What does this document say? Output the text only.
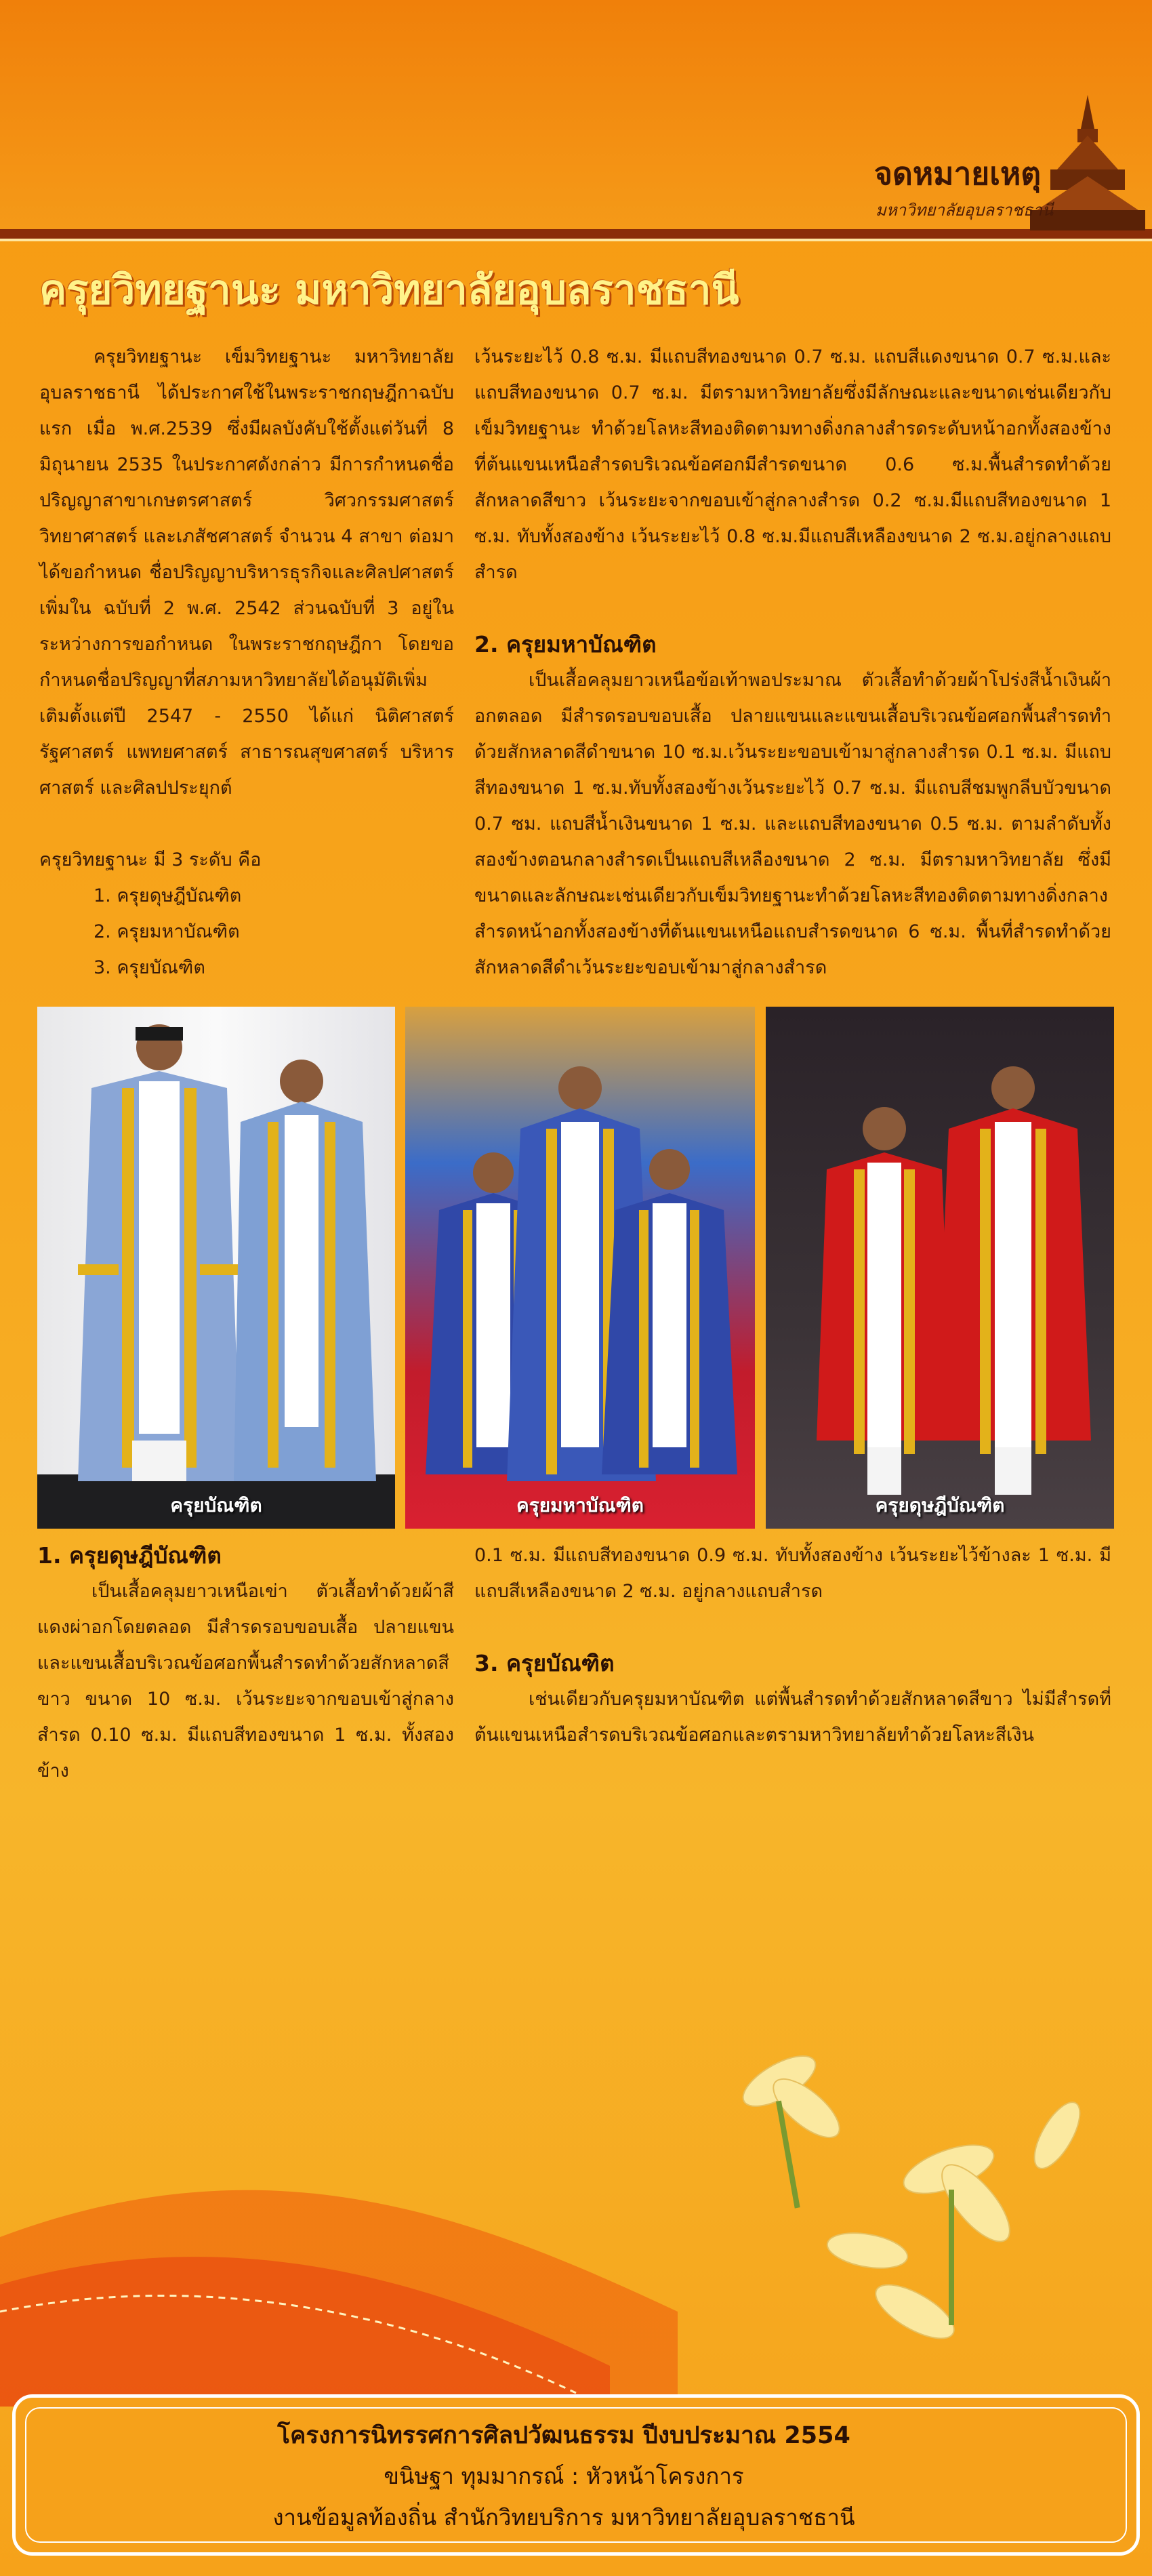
จดหมายเหตุ
มหาวิทยาลัยอุบลราชธานี
ครุยวิทยฐานะ มหาวิทยาลัยอุบลราชธานี

ครุยวิทยฐานะ เข็มวิทยฐานะ มหาวิทยาลัยอุบลราชธานี ได้ประกาศใช้ในพระราชกฤษฎีกาฉบับแรก เมื่อ พ.ศ.2539 ซึ่งมีผลบังคับใช้ตั้งแต่วันที่ 8 มิถุนายน 2535 ในประกาศดังกล่าว มีการกำหนดชื่อปริญญาสาขาเกษตรศาสตร์ วิศวกรรมศาสตร์ วิทยาศาสตร์ และเภสัชศาสตร์ จำนวน 4 สาขา ต่อมาได้ขอกำหนด ชื่อปริญญาบริหารธุรกิจและศิลปศาสตร์เพิ่มใน ฉบับที่ 2 พ.ศ. 2542 ส่วนฉบับที่ 3 อยู่ในระหว่างการขอกำหนด ในพระราชกฤษฎีกา โดยขอกำหนดชื่อปริญญาที่สภามหาวิทยาลัยได้อนุมัติเพิ่มเติมตั้งแต่ปี 2547 - 2550 ได้แก่ นิติศาสตร์ รัฐศาสตร์ แพทยศาสตร์ สาธารณสุขศาสตร์ บริหารศาสตร์ และศิลปประยุกต์

ครุยวิทยฐานะ มี 3 ระดับ คือ

1. ครุยดุษฎีบัณฑิต
2. ครุยมหาบัณฑิต
3. ครุยบัณฑิต

เว้นระยะไว้ 0.8 ซ.ม. มีแถบสีทองขนาด 0.7 ซ.ม. แถบสีแดงขนาด 0.7 ซ.ม.และแถบสีทองขนาด 0.7 ซ.ม. มีตรามหาวิทยาลัยซึ่งมีลักษณะและขนาดเช่นเดียวกับเข็มวิทยฐานะ ทำด้วยโลหะสีทองติดตามทางดิ่งกลางสำรดระดับหน้าอกทั้งสองข้างที่ต้นแขนเหนือสำรดบริเวณข้อศอกมีสำรดขนาด 0.6 ซ.ม.พื้นสำรดทำด้วยสักหลาดสีขาว เว้นระยะจากขอบเข้าสู่กลางสำรด 0.2 ซ.ม.มีแถบสีทองขนาด 1 ซ.ม. ทับทั้งสองข้าง เว้นระยะไว้ 0.8 ซ.ม.มีแถบสีเหลืองขนาด 2 ซ.ม.อยู่กลางแถบสำรด

2. ครุยมหาบัณฑิต

เป็นเสื้อคลุมยาวเหนือข้อเท้าพอประมาณ ตัวเสื้อทำด้วยผ้าโปร่งสีน้ำเงินผ้าอกตลอด มีสำรดรอบขอบเสื้อ ปลายแขนและแขนเสื้อบริเวณข้อศอกพื้นสำรดทำด้วยสักหลาดสีดำขนาด 10 ซ.ม.เว้นระยะขอบเข้ามาสู่กลางสำรด 0.1 ซ.ม. มีแถบสีทองขนาด 1 ซ.ม.ทับทั้งสองข้างเว้นระยะไว้ 0.7 ซ.ม. มีแถบสีชมพูกลีบบัวขนาด 0.7 ซม. แถบสีน้ำเงินขนาด 1 ซ.ม. และแถบสีทองขนาด 0.5 ซ.ม. ตามลำดับทั้งสองข้างตอนกลางสำรดเป็นแถบสีเหลืองขนาด 2 ซ.ม. มีตรามหาวิทยาลัย ซึ่งมีขนาดและลักษณะเช่นเดียวกับเข็มวิทยฐานะทำด้วยโลหะสีทองติดตามทางดิ่งกลางสำรดหน้าอกทั้งสองข้างที่ต้นแขนเหนือแถบสำรดขนาด 6 ซ.ม. พื้นที่สำรดทำด้วยสักหลาดสีดำเว้นระยะขอบเข้ามาสู่กลางสำรด

ครุยบัณฑิต	ครุยมหาบัณฑิต	ครุยดุษฎีบัณฑิต

1. ครุยดุษฎีบัณฑิต

เป็นเสื้อคลุมยาวเหนือเข่า ตัวเสื้อทำด้วยผ้าสีแดงผ่าอกโดยตลอด มีสำรดรอบขอบเสื้อ ปลายแขนและแขนเสื้อบริเวณข้อศอกพื้นสำรดทำด้วยสักหลาดสีขาว ขนาด 10 ซ.ม. เว้นระยะจากขอบเข้าสู่กลางสำรด 0.10 ซ.ม. มีแถบสีทองขนาด 1 ซ.ม. ทั้งสองข้าง

0.1 ซ.ม. มีแถบสีทองขนาด 0.9 ซ.ม. ทับทั้งสองข้าง เว้นระยะไว้ข้างละ 1 ซ.ม. มีแถบสีเหลืองขนาด 2 ซ.ม. อยู่กลางแถบสำรด

3. ครุยบัณฑิต

เช่นเดียวกับครุยมหาบัณฑิต แต่พื้นสำรดทำด้วยสักหลาดสีขาว ไม่มีสำรดที่ต้นแขนเหนือสำรดบริเวณข้อศอกและตรามหาวิทยาลัยทำด้วยโลหะสีเงิน

โครงการนิทรรศการศิลปวัฒนธรรม ปีงบประมาณ 2554
ขนิษฐา ทุมมากรณ์ : หัวหน้าโครงการ
งานข้อมูลท้องถิ่น สำนักวิทยบริการ มหาวิทยาลัยอุบลราชธานี
